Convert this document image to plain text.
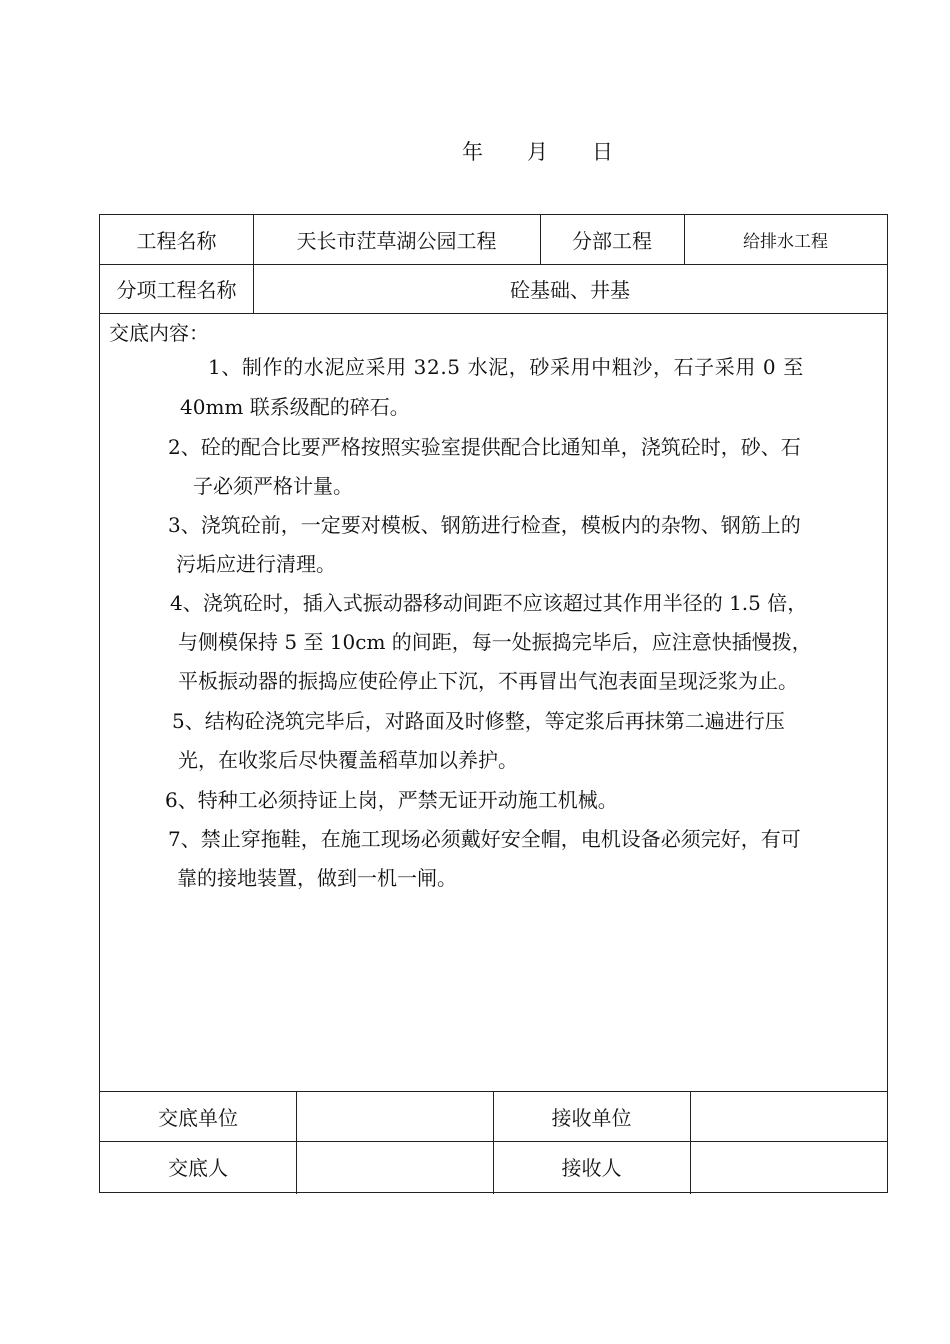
年 月 日
工程名称	天长市茳草湖公园工程	分部工程	给排水工程
分项工程名称	砼基础、井基
交底内容：
1、制作的水泥应采用 32.5 水泥，砂采用中粗沙，石子采用 0 至
40mm 联系级配的碎石。
2、砼的配合比要严格按照实验室提供配合比通知单，浇筑砼时，砂、石
子必须严格计量。
3、浇筑砼前，一定要对模板、钢筋进行检查，模板内的杂物、钢筋上的
污垢应进行清理。
4、浇筑砼时，插入式振动器移动间距不应该超过其作用半径的 1.5 倍，
与侧模保持 5 至 10cm 的间距，每一处振捣完毕后，应注意快插慢拨，
平板振动器的振捣应使砼停止下沉，不再冒出气泡表面呈现泛浆为止。
5、结构砼浇筑完毕后，对路面及时修整，等定浆后再抹第二遍进行压
光，在收浆后尽快覆盖稻草加以养护。
6、特种工必须持证上岗，严禁无证开动施工机械。
7、禁止穿拖鞋，在施工现场必须戴好安全帽，电机设备必须完好，有可
靠的接地装置，做到一机一闸。
交底单位	接收单位
交底人	接收人
